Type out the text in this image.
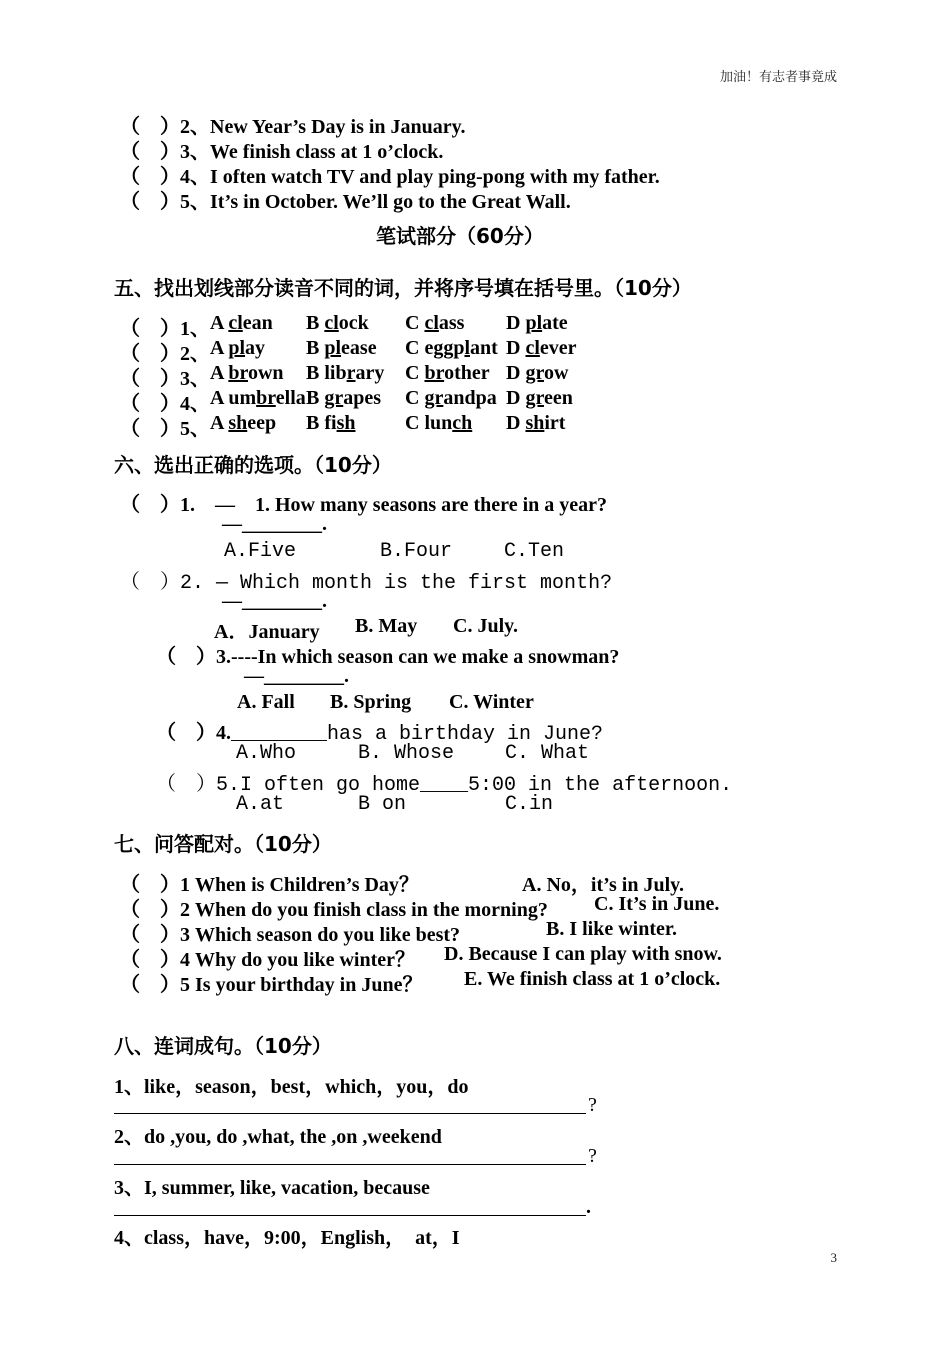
加油！有志者事竟成
（　）2、New Year’s Day is in January.
（　）3、We finish class at 1 o’clock.
（　）4、I often watch TV and play ping-pong with my father.
（　）5、It’s in October. We’ll go to the Great Wall.
笔试部分（60分）
五、找出划线部分读音不同的词，并将序号填在括号里。（10分）
（　）1、 A clean B clock C class D plate
（　）2、 A play B please C eggplant D clever
（　）3、 A brown B library C brother D grow
（　）4、 A umbrella B grapes C grandpa D green
（　）5、 A sheep B fish C lunch D shirt
六、选出正确的选项。（10分）
（　）1.　—　1. How many seasons are there in a year?
—________.
A.Five	B.Four	C.Ten
（　）2. — Which month is the first month?
—________.
A．January B. May C. July.
（　）3.----In which season can we make a snowman?
—________.
A. Fall B. Spring C. Winter
（　）4.________has a birthday in June?
A.Who	B. Whose	C. What
（　）5.I often go home____5:00 in the afternoon.
A.at	B on	C.in
七、问答配对。（10分）
（　）1 When is Children’s Day？
（　）2 When do you finish class in the morning?
（　）3 Which season do you like best?
（　）4 Why do you like winter？
（　）5 Is your birthday in June？
A. No，it’s in July.
C. It’s in June.
B. I like winter.
D. Because I can play with snow.
E. We finish class at 1 o’clock.
八、连词成句。（10分）
1、like，season，best，which，you，do
?
2、do ,you, do ,what, the ,on ,weekend
?
3、I, summer, like, vacation, because
.
4、class，have，9:00，English，  at，I
3
